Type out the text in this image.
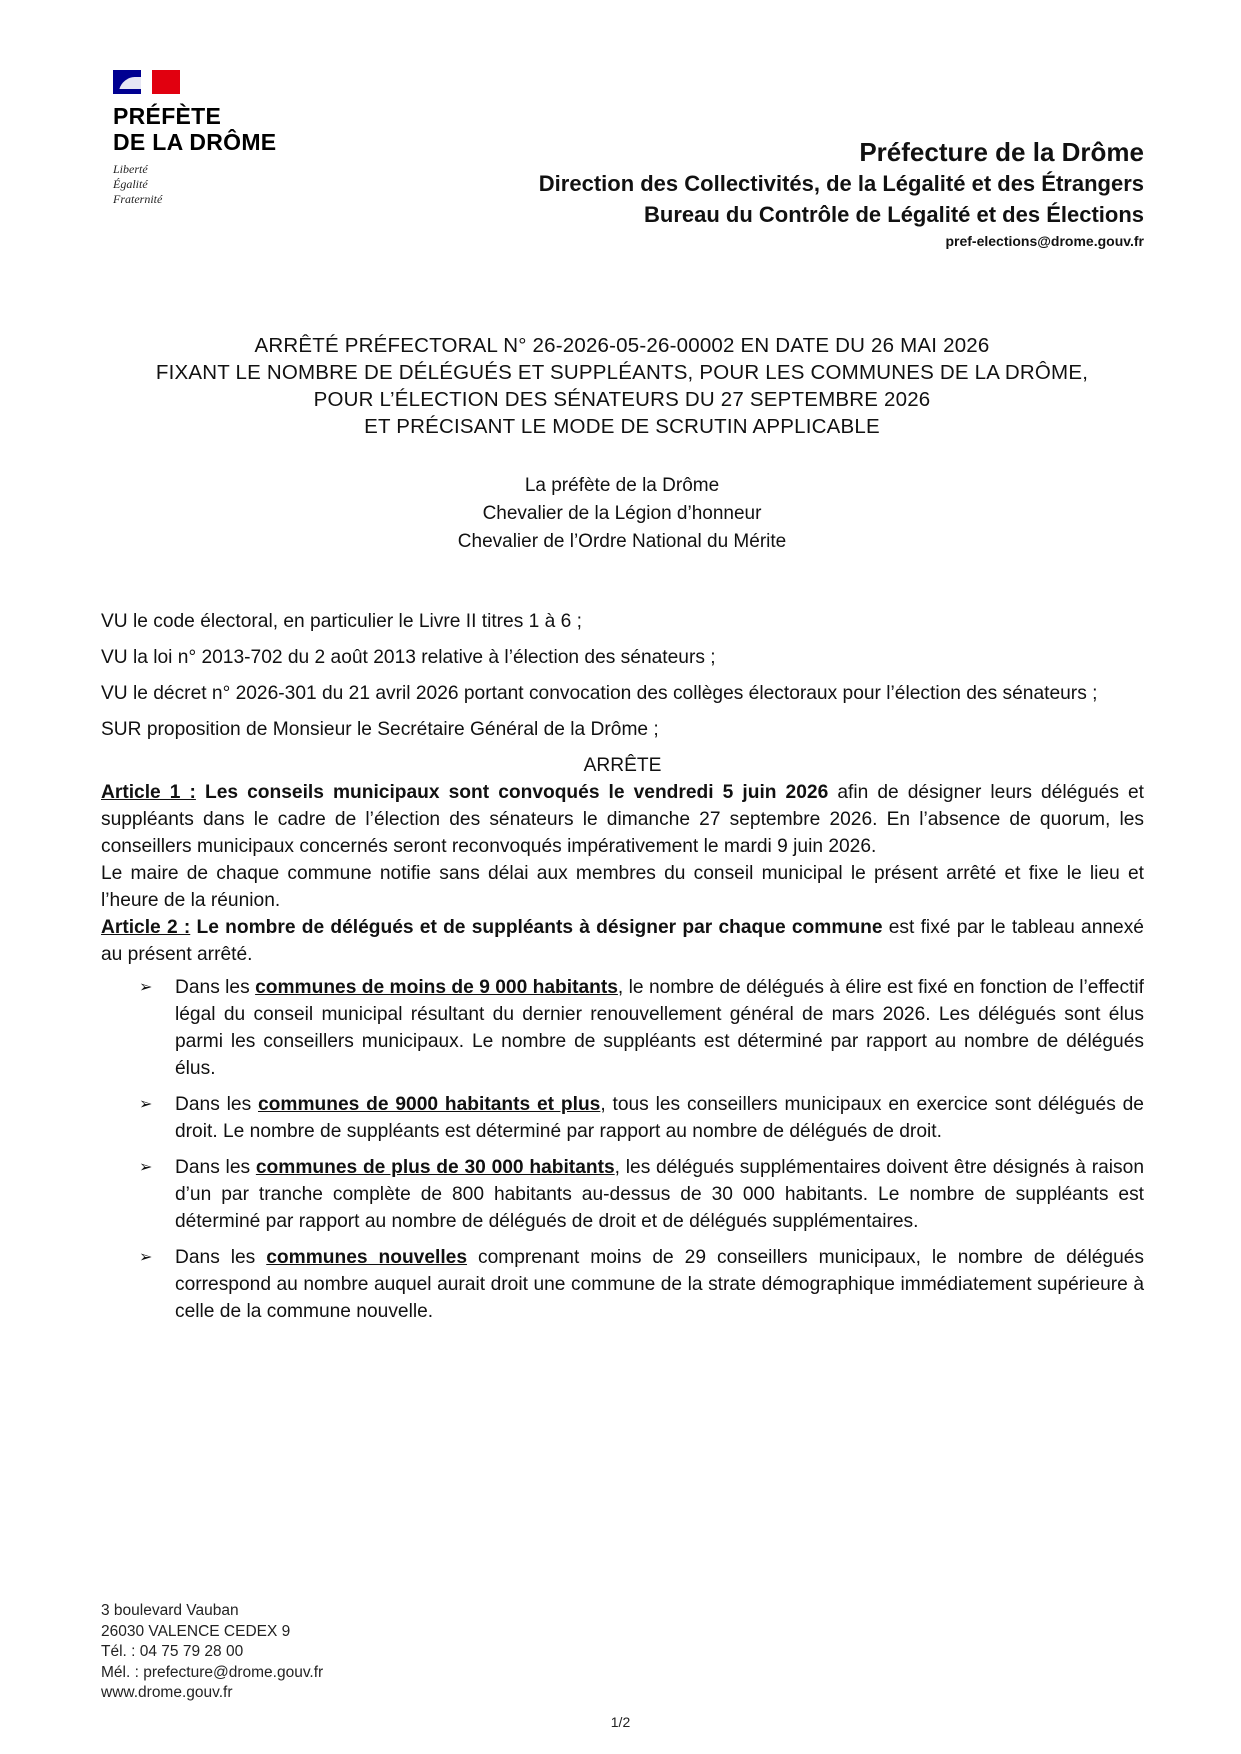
PRÉFÈTE
DE LA DRÔME
Liberté
Égalité
Fraternité
Préfecture de la Drôme
Direction des Collectivités, de la Légalité et des Étrangers
Bureau du Contrôle de Légalité et des Élections
pref-elections@drome.gouv.fr
ARRÊTÉ PRÉFECTORAL N° 26-2026-05-26-00002 EN DATE DU 26 MAI 2026
FIXANT LE NOMBRE DE DÉLÉGUÉS ET SUPPLÉANTS, POUR LES COMMUNES DE LA DRÔME,
POUR L’ÉLECTION DES SÉNATEURS DU 27 SEPTEMBRE 2026
ET PRÉCISANT LE MODE DE SCRUTIN APPLICABLE
La préfète de la Drôme
Chevalier de la Légion d’honneur
Chevalier de l’Ordre National du Mérite

VU le code électoral, en particulier le Livre II titres 1 à 6 ;

VU la loi n° 2013-702 du 2 août 2013 relative à l’élection des sénateurs ;

VU le décret n° 2026-301 du 21 avril 2026 portant convocation des collèges électoraux pour l’élection des sénateurs ;

SUR proposition de Monsieur le Secrétaire Général de la Drôme ;

ARRÊTE

Article 1 : Les conseils municipaux sont convoqués le vendredi 5 juin 2026 afin de désigner leurs délégués et suppléants dans le cadre de l’élection des sénateurs le dimanche 27 septembre 2026. En l’absence de quorum, les conseillers municipaux concernés seront reconvoqués impérativement le mardi 9 juin 2026.

Le maire de chaque commune notifie sans délai aux membres du conseil municipal le présent arrêté et fixe le lieu et l’heure de la réunion.

Article 2 : Le nombre de délégués et de suppléants à désigner par chaque commune est fixé par le tableau annexé au présent arrêté.

➢ Dans les communes de moins de 9 000 habitants, le nombre de délégués à élire est fixé en fonction de l’effectif légal du conseil municipal résultant du dernier renouvellement général de mars 2026. Les délégués sont élus parmi les conseillers municipaux. Le nombre de suppléants est déterminé par rapport au nombre de délégués élus.
➢ Dans les communes de 9000 habitants et plus, tous les conseillers municipaux en exercice sont délégués de droit. Le nombre de suppléants est déterminé par rapport au nombre de délégués de droit.
➢ Dans les communes de plus de 30 000 habitants, les délégués supplémentaires doivent être désignés à raison d’un par tranche complète de 800 habitants au-dessus de 30 000 habitants. Le nombre de suppléants est déterminé par rapport au nombre de délégués de droit et de délégués supplémentaires.
➢ Dans les communes nouvelles comprenant moins de 29 conseillers municipaux, le nombre de délégués correspond au nombre auquel aurait droit une commune de la strate démographique immédiatement supérieure à celle de la commune nouvelle.
3 boulevard Vauban
26030 VALENCE CEDEX 9
Tél. : 04 75 79 28 00
Mél. : prefecture@drome.gouv.fr
www.drome.gouv.fr
1/2
